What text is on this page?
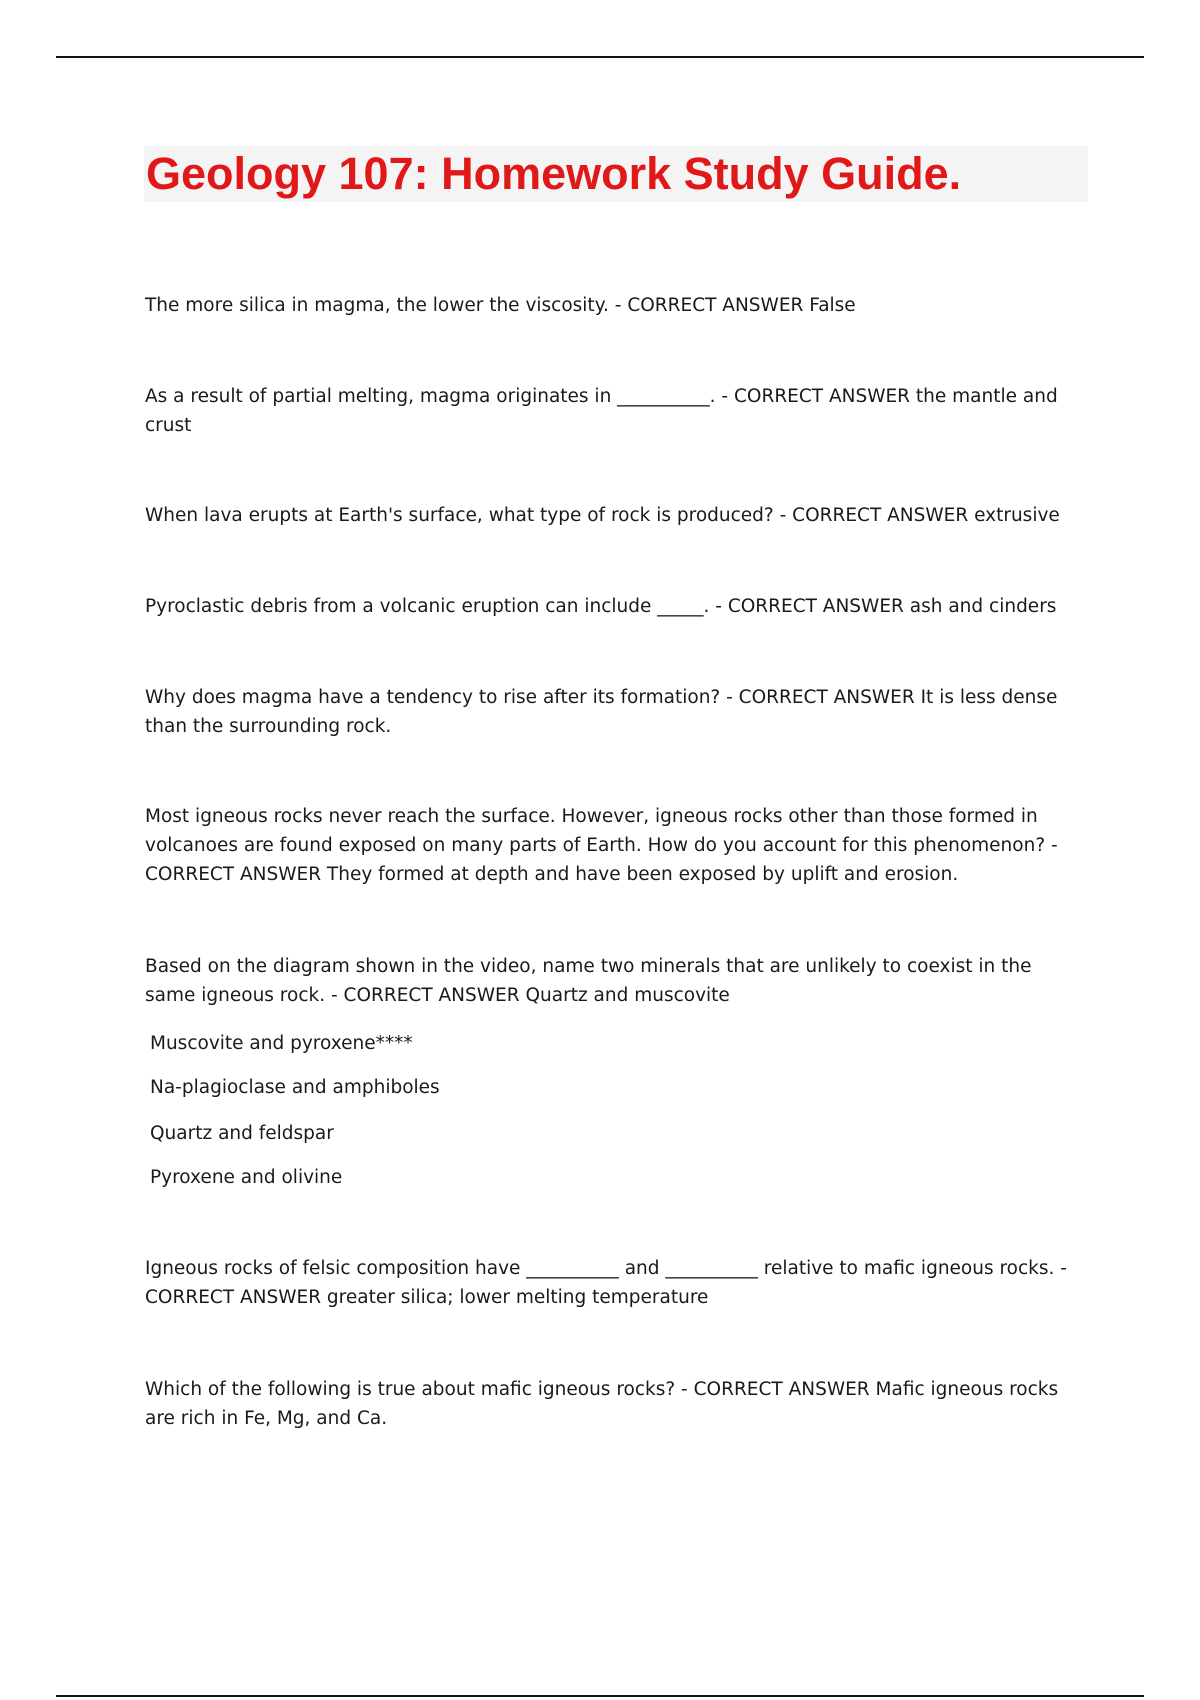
Geology 107: Homework Study Guide.

The more silica in magma, the lower the viscosity. - CORRECT ANSWER False

As a result of partial melting, magma originates in __________. - CORRECT ANSWER the mantle and crust

When lava erupts at Earth's surface, what type of rock is produced? - CORRECT ANSWER extrusive

Pyroclastic debris from a volcanic eruption can include _____. - CORRECT ANSWER ash and cinders

Why does magma have a tendency to rise after its formation? - CORRECT ANSWER It is less dense than the surrounding rock.

Most igneous rocks never reach the surface. However, igneous rocks other than those formed in volcanoes are found exposed on many parts of Earth. How do you account for this phenomenon? - CORRECT ANSWER They formed at depth and have been exposed by uplift and erosion.

Based on the diagram shown in the video, name two minerals that are unlikely to coexist in the same igneous rock. - CORRECT ANSWER Quartz and muscovite

Muscovite and pyroxene****

Na-plagioclase and amphiboles

Quartz and feldspar

Pyroxene and olivine

Igneous rocks of felsic composition have __________ and __________ relative to mafic igneous rocks. - CORRECT ANSWER greater silica; lower melting temperature

Which of the following is true about mafic igneous rocks? - CORRECT ANSWER Mafic igneous rocks are rich in Fe, Mg, and Ca.
